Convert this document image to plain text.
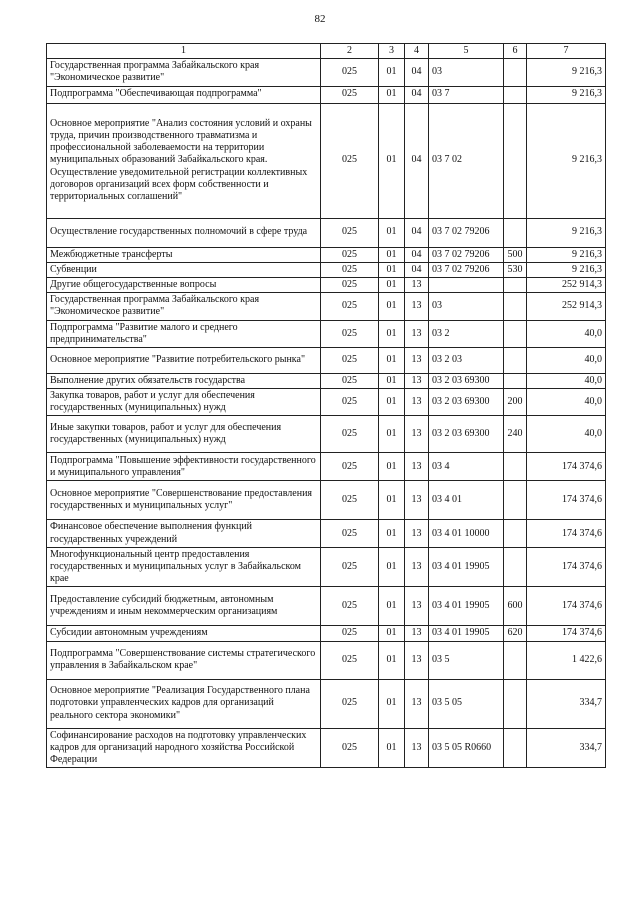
82
1	2	3	4	5	6	7
Государственная программа Забайкальского края "Экономическое развитие"	025	01	04	03		9 216,3
Подпрограмма "Обеспечивающая подпрограмма"	025	01	04	03 7		9 216,3
Основное мероприятие "Анализ состояния условий и охраны труда, причин производственного травматизма и профессиональной заболеваемости на территории муниципальных образований Забайкальского края. Осуществление уведомительной регистрации коллективных договоров организаций всех форм собственности и территориальных соглашений"	025	01	04	03 7 02		9 216,3
Осуществление государственных полномочий в сфере труда	025	01	04	03 7 02 79206		9 216,3
Межбюджетные трансферты	025	01	04	03 7 02 79206	500	9 216,3
Субвенции	025	01	04	03 7 02 79206	530	9 216,3
Другие общегосударственные вопросы	025	01	13			252 914,3
Государственная программа Забайкальского края "Экономическое развитие"	025	01	13	03		252 914,3
Подпрограмма "Развитие малого и среднего предпринимательства"	025	01	13	03 2		40,0
Основное мероприятие "Развитие потребительского рынка"	025	01	13	03 2 03		40,0
Выполнение других обязательств государства	025	01	13	03 2 03 69300		40,0
Закупка товаров, работ и услуг для обеспечения государственных (муниципальных) нужд	025	01	13	03 2 03 69300	200	40,0
Иные закупки товаров, работ и услуг для обеспечения государственных (муниципальных) нужд	025	01	13	03 2 03 69300	240	40,0
Подпрограмма "Повышение эффективности государственного и муниципального управления"	025	01	13	03 4		174 374,6
Основное мероприятие "Совершенствование предоставления государственных и муниципальных услуг"	025	01	13	03 4 01		174 374,6
Финансовое обеспечение выполнения функций государственных учреждений	025	01	13	03 4 01 10000		174 374,6
Многофункциональный центр предоставления государственных и муниципальных услуг в Забайкальском крае	025	01	13	03 4 01 19905		174 374,6
Предоставление субсидий бюджетным, автономным учреждениям и иным некоммерческим организациям	025	01	13	03 4 01 19905	600	174 374,6
Субсидии автономным учреждениям	025	01	13	03 4 01 19905	620	174 374,6
Подпрограмма "Совершенствование системы стратегического управления в Забайкальском крае"	025	01	13	03 5		1 422,6
Основное мероприятие "Реализация Государственного плана подготовки управленческих кадров для организаций реального сектора экономики"	025	01	13	03 5 05		334,7
Софинансирование расходов на подготовку управленческих кадров для организаций народного хозяйства Российской Федерации	025	01	13	03 5 05 R0660		334,7
